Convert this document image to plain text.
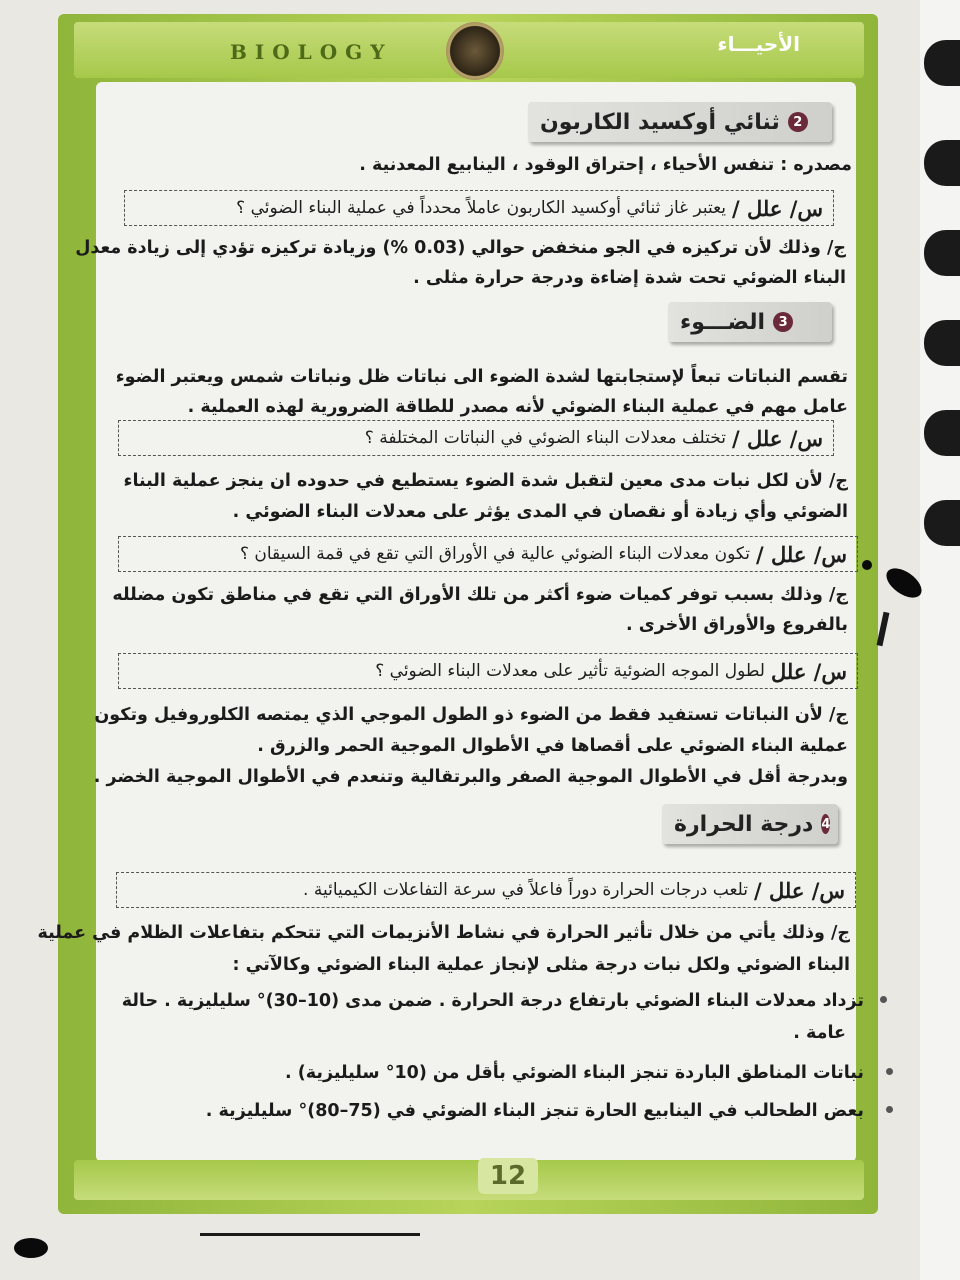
BIOLOGY	الأحيـــاء
2
ثنائي أوكسيد الكاربون
مصدره : تنفس الأحياء ، إحتراق الوقود ، الينابيع المعدنية .
س/ علل /
يعتبر غاز ثنائي أوكسيد الكاربون عاملاً محدداً في عملية البناء الضوئي ؟
ج/ وذلك لأن تركيزه في الجو منخفض حوالي (0.03 %) وزيادة تركيزه تؤدي إلى زيادة معدل
البناء الضوئي تحت شدة إضاءة ودرجة حرارة مثلى .
3
الضـــوء
تقسم النباتات تبعاً لإستجابتها لشدة الضوء الى نباتات ظل ونباتات شمس ويعتبر الضوء
عامل مهم في عملية البناء الضوئي لأنه مصدر للطاقة الضرورية لهذه العملية .
س/ علل /
تختلف معدلات البناء الضوئي في النباتات المختلفة ؟
ج/ لأن لكل نبات مدى معين لتقبل شدة الضوء يستطيع في حدوده ان ينجز عملية البناء
الضوئي وأي زيادة أو نقصان في المدى يؤثر على معدلات البناء الضوئي .
س/ علل /
تكون معدلات البناء الضوئي عالية في الأوراق التي تقع في قمة السيقان ؟
ج/ وذلك بسبب توفر كميات ضوء أكثر من تلك الأوراق التي تقع في مناطق تكون مضلله
بالفروع والأوراق الأخرى .
س/ علل
لطول الموجه الضوئية تأثير على معدلات البناء الضوئي ؟
ج/ لأن النباتات تستفيد فقط من الضوء ذو الطول الموجي الذي يمتصه الكلوروفيل وتكون
عملية البناء الضوئي على أقصاها في الأطوال الموجية الحمر والزرق .
وبدرجة أقل في الأطوال الموجية الصفر والبرتقالية وتنعدم في الأطوال الموجية الخضر .
4
درجة الحرارة
س/ علل /
تلعب درجات الحرارة دوراً فاعلاً في سرعة التفاعلات الكيميائية .
ج/ وذلك يأتي من خلال تأثير الحرارة في نشاط الأنزيمات التي تتحكم بتفاعلات الظلام في عملية
البناء الضوئي ولكل نبات درجة مثلى لإنجاز عملية البناء الضوئي وكالآتي :
تزداد معدلات البناء الضوئي بارتفاع درجة الحرارة . ضمن مدى (10–30)° سليليزية . حالة
عامة .
نباتات المناطق الباردة تنجز البناء الضوئي بأقل من (10° سليليزية) .
بعض الطحالب في الينابيع الحارة تنجز البناء الضوئي في (75–80)° سليليزية .
12
